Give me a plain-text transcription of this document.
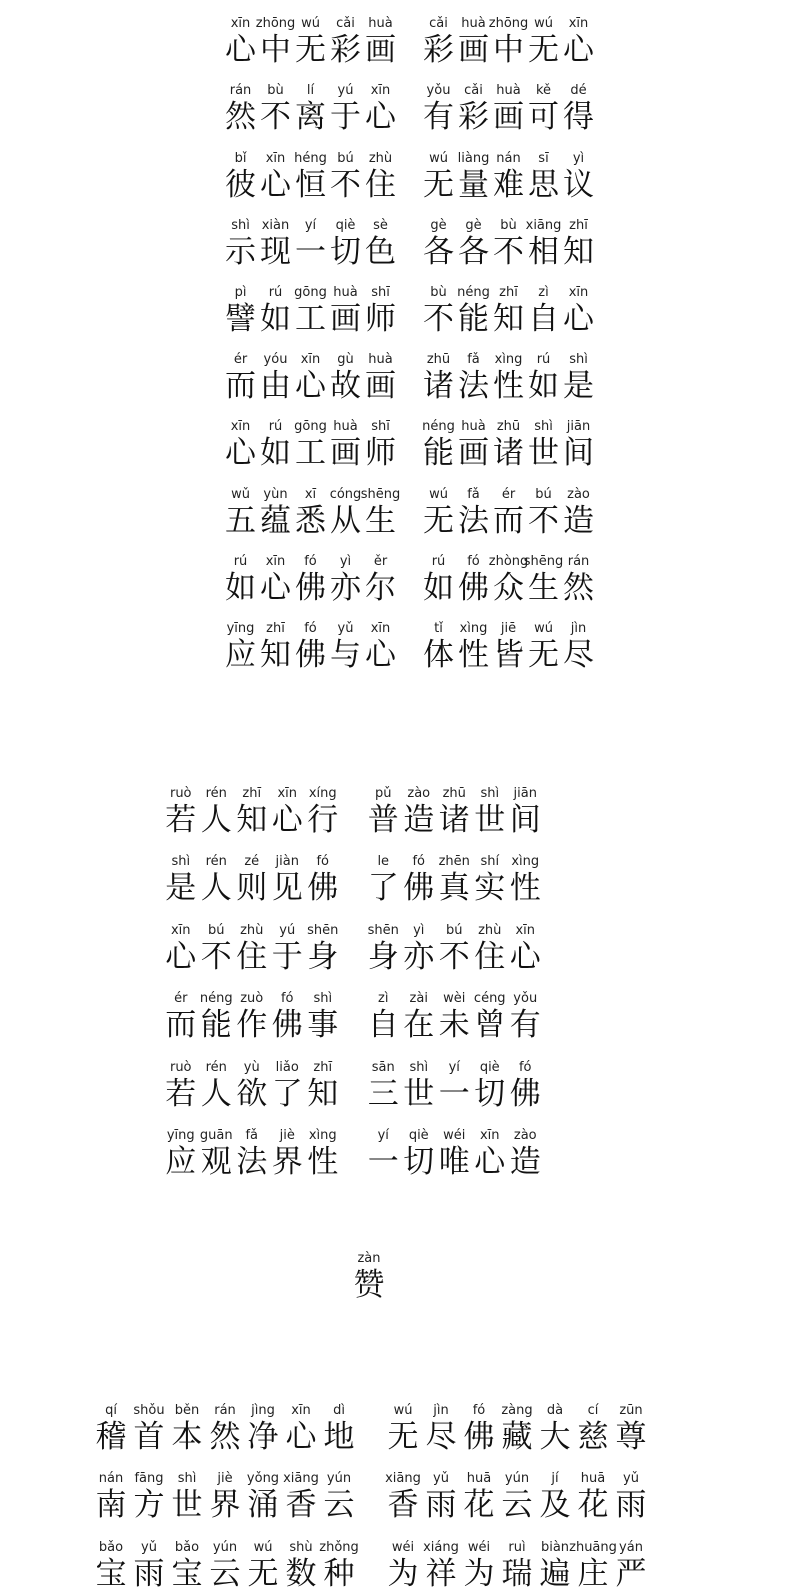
xīn
心
zhōng
中
wú
无
cǎi
彩
huà
画
cǎi
彩
huà
画
zhōng
中
wú
无
xīn
心
rán
然
bù
不
lí
离
yú
于
xīn
心
yǒu
有
cǎi
彩
huà
画
kě
可
dé
得
bǐ
彼
xīn
心
héng
恒
bú
不
zhù
住
wú
无
liàng
量
nán
难
sī
思
yì
议
shì
示
xiàn
现
yí
一
qiè
切
sè
色
gè
各
gè
各
bù
不
xiāng
相
zhī
知
pì
譬
rú
如
gōng
工
huà
画
shī
师
bù
不
néng
能
zhī
知
zì
自
xīn
心
ér
而
yóu
由
xīn
心
gù
故
huà
画
zhū
诸
fǎ
法
xìng
性
rú
如
shì
是
xīn
心
rú
如
gōng
工
huà
画
shī
师
néng
能
huà
画
zhū
诸
shì
世
jiān
间
wǔ
五
yùn
蕴
xī
悉
cóng
从
shēng
生
wú
无
fǎ
法
ér
而
bú
不
zào
造
rú
如
xīn
心
fó
佛
yì
亦
ěr
尔
rú
如
fó
佛
zhòng
众
shēng
生
rán
然
yīng
应
zhī
知
fó
佛
yǔ
与
xīn
心
tǐ
体
xìng
性
jiē
皆
wú
无
jìn
尽
ruò
若
rén
人
zhī
知
xīn
心
xíng
行
pǔ
普
zào
造
zhū
诸
shì
世
jiān
间
shì
是
rén
人
zé
则
jiàn
见
fó
佛
le
了
fó
佛
zhēn
真
shí
实
xìng
性
xīn
心
bú
不
zhù
住
yú
于
shēn
身
shēn
身
yì
亦
bú
不
zhù
住
xīn
心
ér
而
néng
能
zuò
作
fó
佛
shì
事
zì
自
zài
在
wèi
未
céng
曾
yǒu
有
ruò
若
rén
人
yù
欲
liǎo
了
zhī
知
sān
三
shì
世
yí
一
qiè
切
fó
佛
yīng
应
guān
观
fǎ
法
jiè
界
xìng
性
yí
一
qiè
切
wéi
唯
xīn
心
zào
造
zàn
赞
qí
稽
shǒu
首
běn
本
rán
然
jìng
净
xīn
心
dì
地
wú
无
jìn
尽
fó
佛
zàng
藏
dà
大
cí
慈
zūn
尊
nán
南
fāng
方
shì
世
jiè
界
yǒng
涌
xiāng
香
yún
云
xiāng
香
yǔ
雨
huā
花
yún
云
jí
及
huā
花
yǔ
雨
bǎo
宝
yǔ
雨
bǎo
宝
yún
云
wú
无
shù
数
zhǒng
种
wéi
为
xiáng
祥
wéi
为
ruì
瑞
biàn
遍
zhuāng
庄
yán
严
